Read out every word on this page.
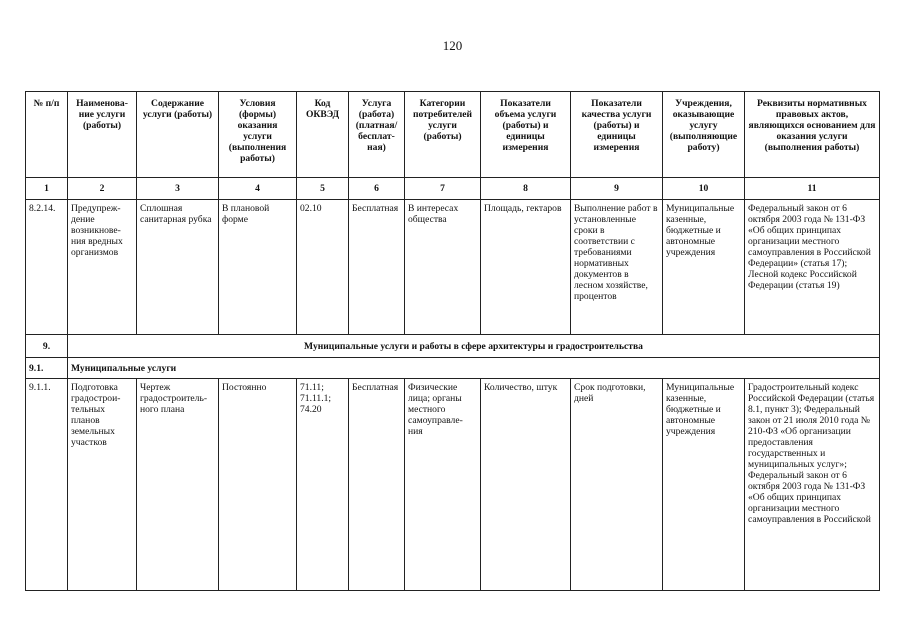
120
№ п/п	Наименова-ние услуги (работы)	Содержание услуги (работы)	Условия (формы) оказания услуги (выполнения работы)	Код ОКВЭД	Услуга (работа) (платная/ бесплат-ная)	Категории потребителей услуги (работы)	Показатели объема услуги (работы) и единицы измерения	Показатели качества услуги (работы) и единицы измерения	Учреждения, оказывающие услугу (выполняющие работу)	Реквизиты нормативных правовых актов, являющихся основанием для оказания услуги (выполнения работы)
1	2	3	4	5	6	7	8	9	10	11
8.2.14.	Предупреж-дение возникнове-ния вредных организмов	Сплошная санитарная рубка	В плановой форме	02.10	Бесплатная	В интересах общества	Площадь, гектаров	Выполнение работ в установленные сроки в соответствии с требованиями нормативных документов в лесном хозяйстве, процентов	Муниципальные казенные, бюджетные и автономные учреждения	Федеральный закон от 6 октября 2003 года № 131-ФЗ «Об общих принципах организации местного самоуправления в Российской Федерации» (статья 17); Лесной кодекс Российской Федерации (статья 19)
9.	Муниципальные услуги и работы в сфере архитектуры и градостроительства									
9.1.	Муниципальные услуги									
9.1.1.	Подготовка градострои-тельных планов земельных участков	Чертеж градостроитель-ного плана	Постоянно	71.11; 71.11.1; 74.20	Бесплатная	Физические лица; органы местного самоуправле-ния	Количество, штук	Срок подготовки, дней	Муниципальные казенные, бюджетные и автономные учреждения	Градостроительный кодекс Российской Федерации (статья 8.1, пункт 3); Федеральный закон от 21 июля 2010 года № 210-ФЗ «Об организации предоставления государственных и муниципальных услуг»; Федеральный закон от 6 октября 2003 года № 131-ФЗ «Об общих принципах организации местного самоуправления в Российской
